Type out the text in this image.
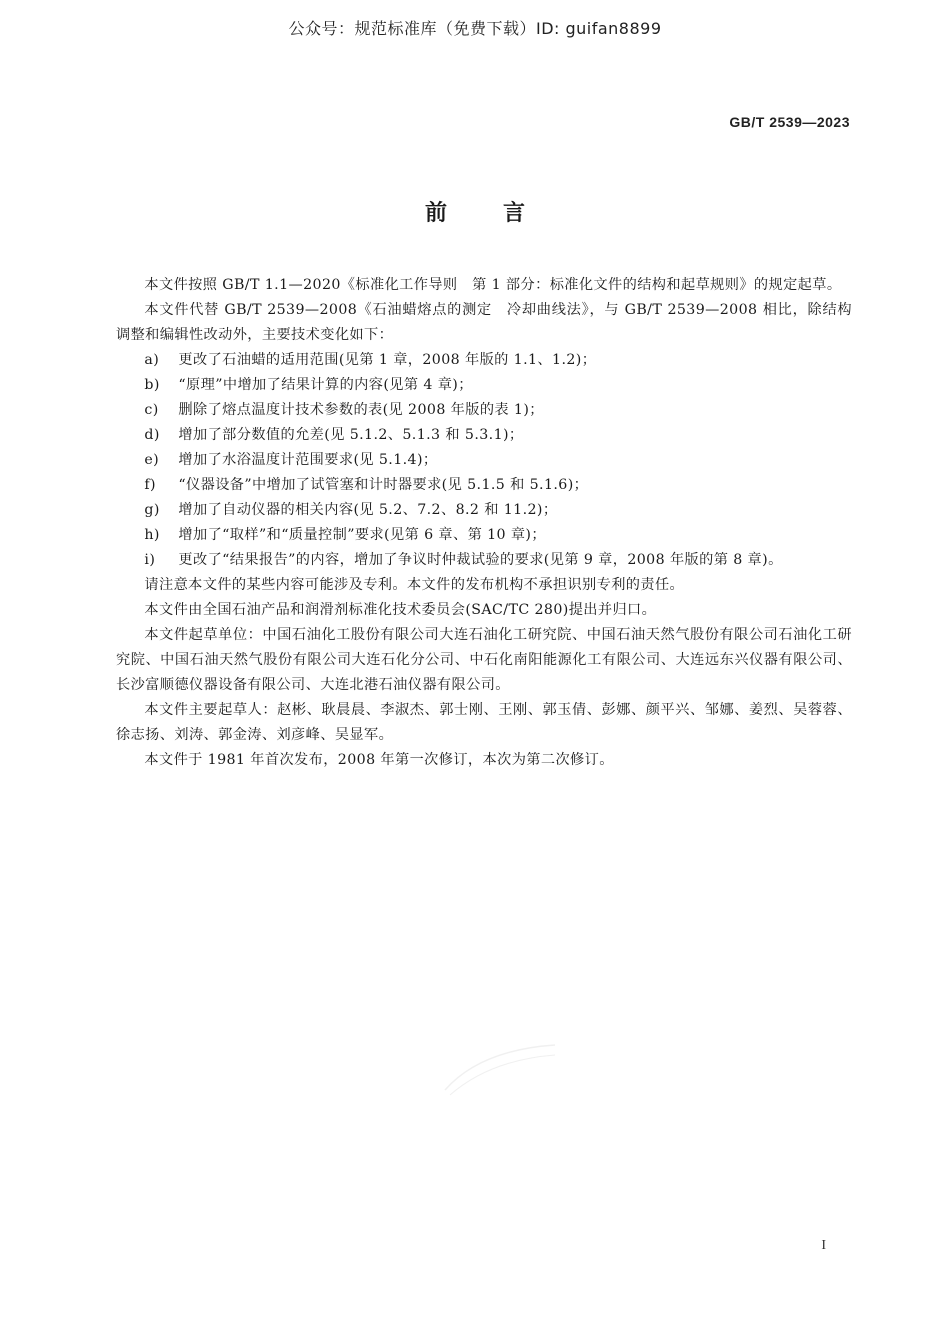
公众号：规范标准库（免费下载）ID: guifan8899
GB/T 2539—2023
前言

本文件按照 GB/T 1.1—2020《标准化工作导则　第 1 部分：标准化文件的结构和起草规则》的规定起草。

本文件代替 GB/T 2539—2008《石油蜡熔点的测定　冷却曲线法》，与 GB/T 2539—2008 相比，除结构调整和编辑性改动外，主要技术变化如下：

a) 更改了石油蜡的适用范围(见第 1 章，2008 年版的 1.1、1.2)；

b) “原理”中增加了结果计算的内容(见第 4 章)；

c) 删除了熔点温度计技术参数的表(见 2008 年版的表 1)；

d) 增加了部分数值的允差(见 5.1.2、5.1.3 和 5.3.1)；

e) 增加了水浴温度计范围要求(见 5.1.4)；

f) “仪器设备”中增加了试管塞和计时器要求(见 5.1.5 和 5.1.6)；

g) 增加了自动仪器的相关内容(见 5.2、7.2、8.2 和 11.2)；

h) 增加了“取样”和“质量控制”要求(见第 6 章、第 10 章)；

i) 更改了“结果报告”的内容，增加了争议时仲裁试验的要求(见第 9 章，2008 年版的第 8 章)。

请注意本文件的某些内容可能涉及专利。本文件的发布机构不承担识别专利的责任。

本文件由全国石油产品和润滑剂标准化技术委员会(SAC/TC 280)提出并归口。

本文件起草单位：中国石油化工股份有限公司大连石油化工研究院、中国石油天然气股份有限公司石油化工研究院、中国石油天然气股份有限公司大连石化分公司、中石化南阳能源化工有限公司、大连远东兴仪器有限公司、长沙富顺德仪器设备有限公司、大连北港石油仪器有限公司。

本文件主要起草人：赵彬、耿晨晨、李淑杰、郭士刚、王刚、郭玉倩、彭娜、颜平兴、邹娜、姜烈、吴蓉蓉、徐志扬、刘涛、郭金涛、刘彦峰、吴显军。

本文件于 1981 年首次发布，2008 年第一次修订，本次为第二次修订。

I
